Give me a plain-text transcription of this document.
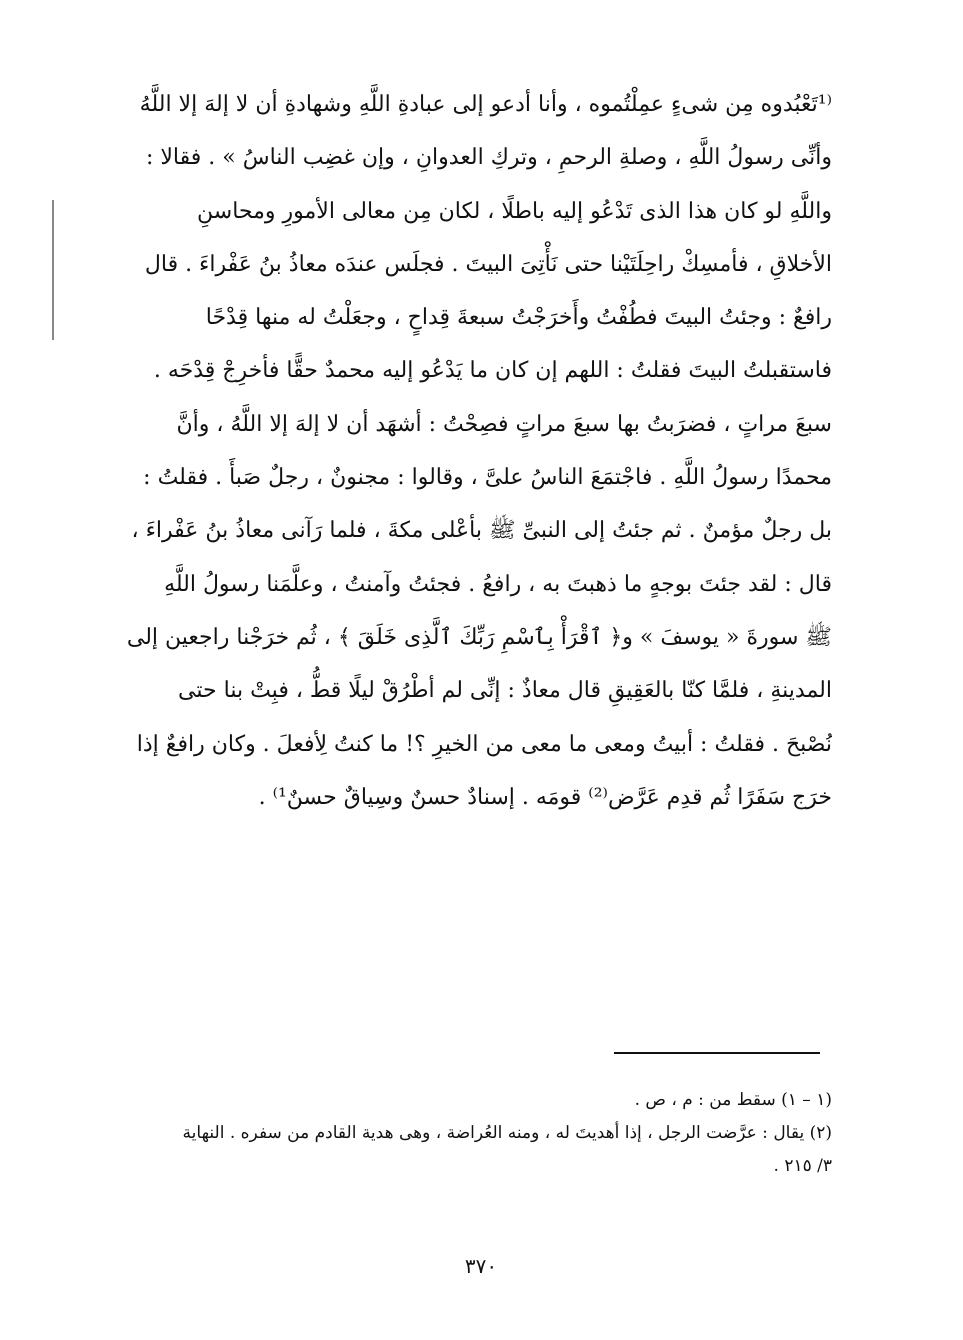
⁽¹تَعْبُدوه مِن شىءٍ عمِلْتُموه ، وأنا أدعو إلى عبادةِ اللَّهِ وشهادةِ أن لا إلهَ إلا اللَّهُ
وأنِّى رسولُ اللَّهِ ، وصلةِ الرحمِ ، وتركِ العدوانِ ، وإن غضِب الناسُ » . فقالا :
واللَّهِ لو كان هذا الذى تَدْعُو إليه باطلًا ، لكان مِن معالى الأمورِ ومحاسنِ
الأخلاقِ ، فأمسِكْ راحِلَتَيْنا حتى نَأْتِىَ البيتَ . فجلَس عندَه معاذُ بنُ عَفْراءَ . قال
رافعٌ : وجئتُ البيتَ فطُفْتُ وأَخرَجْتُ سبعةَ قِداحٍ ، وجعَلْتُ له منها قِدْحًا
فاستقبلتُ البيتَ فقلتُ : اللهم إن كان ما يَدْعُو إليه محمدٌ حقًّا فأخرِجْ قِدْحَه .
سبعَ مراتٍ ، فضرَبتُ بها سبعَ مراتٍ فصِحْتُ : أشهَد أن لا إلهَ إلا اللَّهُ ، وأنَّ
محمدًا رسولُ اللَّهِ . فاجْتمَعَ الناسُ علىَّ ، وقالوا : مجنونٌ ، رجلٌ صَبأَ . فقلتُ :
بل رجلٌ مؤمنٌ . ثم جئتُ إلى النبىِّ ﷺ بأعْلى مكةَ ، فلما رَآنى معاذُ بنُ عَفْراءَ ،
قال : لقد جئتَ بوجهٍ ما ذهبتَ به ، رافعُ . فجئتُ وآمنتُ ، وعلَّمَنا رسولُ اللَّهِ
ﷺ سورةَ « يوسفَ » و﴿ ٱقْرَأْ بِٱسْمِ رَبِّكَ ٱلَّذِى خَلَقَ ﴾ ، ثُم خرَجْنا راجعين إلى
المدينةِ ، فلمَّا كنّا بالعَقِيقِ قال معاذٌ : إنِّى لم أطْرُقْ ليلًا قطُّ ، فبِتْ بنا حتى
نُصْبحَ . فقلتُ : أبيتُ ومعى ما معى من الخيرِ ؟! ما كنتُ لِأفعلَ . وكان رافعٌ إذا
خرَج سَفَرًا ثُم قدِم عَرَّض⁽²⁾ قومَه . إسنادٌ حسنٌ وسِياقٌ حسنٌ¹⁾ .
(١ – ١) سقط من : م ، ص .
(٢) يقال : عرَّضت الرجل ، إذا أهديتَ له ، ومنه العُراضة ، وهى هدية القادم من سفره . النهاية
٣/ ٢١٥ .
٣٧٠
